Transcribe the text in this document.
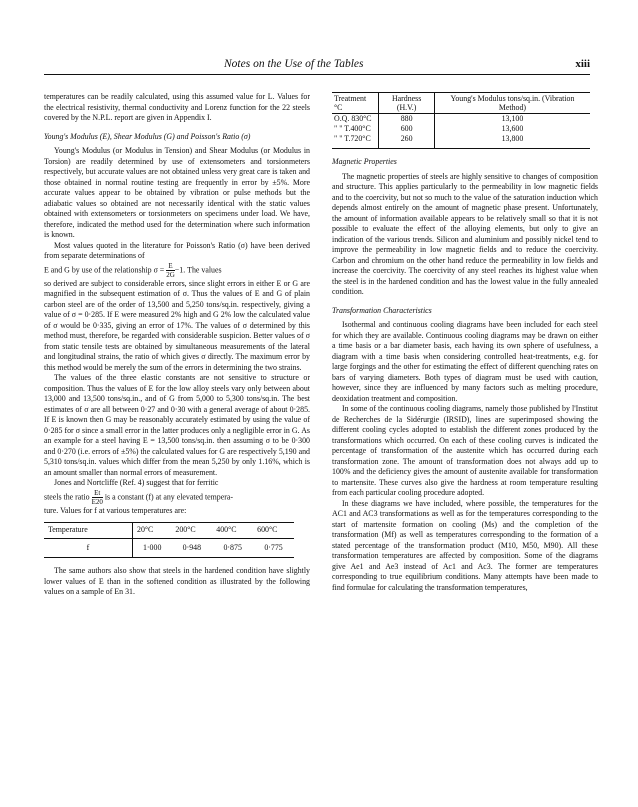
Notes on the Use of the Tables	xiii

temperatures can be readily calculated, using this assumed value for L. Values for the electrical resistivity, thermal conductivity and Lorenz function for the 22 steels covered by the N.P.L. report are given in Appendix I.

Young's Modulus (E), Shear Modulus (G) and Poisson's Ratio (σ)

Young's Modulus (or Modulus in Tension) and Shear Modulus (or Modulus in Torsion) are readily determined by use of extensometers and torsionmeters respectively, but accurate values are not obtained unless very great care is taken and those obtained in normal routine testing are frequently in error by ±5%. More accurate values appear to be obtained by vibration or pulse methods but the adiabatic values so obtained are not necessarily identical with the static values obtained with extensometers or torsionmeters on specimens under load. We have, therefore, indicated the method used for the determination where such information is known.

Most values quoted in the literature for Poisson's Ratio (σ) have been derived from separate determinations of

E and G by use of the relationship $\sigma = \frac{E}{2G} -1$. The values

so derived are subject to considerable errors, since slight errors in either E or G are magnified in the subsequent estimation of σ. Thus the values of E and G of plain carbon steel are of the order of 13,500 and 5,250 tons/sq.in. respectively, giving a value of σ = 0·285. If E were measured 2% high and G 2% low the calculated value of σ would be 0·335, giving an error of 17%. The values of σ determined by this method must, therefore, be regarded with considerable suspicion. Better values of σ from static tensile tests are obtained by simultaneous measurements of the lateral and longitudinal strains, the ratio of which gives σ directly. The maximum error by this method would be merely the sum of the errors in determining the two strains.

The values of the three elastic constants are not sensitive to structure or composition. Thus the values of E for the low alloy steels vary only between about 13,000 and 13,500 tons/sq.in., and of G from 5,000 to 5,300 tons/sq.in. The best estimates of σ are all between 0·27 and 0·30 with a general average of about 0·285. If E is known then G may be reasonably accurately estimated by using the value of 0·285 for σ since a small error in the latter produces only a negligible error in G. As an example for a steel having E = 13,500 tons/sq.in. then assuming σ to be 0·300 and 0·270 (i.e. errors of ±5%) the calculated values for G are respectively 5,190 and 5,310 tons/sq.in. values which differ from the mean 5,250 by only 1.16%, which is an amount smaller than normal errors of measurement.

Jones and Nortcliffe (Ref. 4) suggest that for ferritic

steels the ratio $\frac{Et}{E20}$ is a constant (f) at any elevated tempera-

ture. Values for f at various temperatures are:

Temperature	20°C	200°C	400°C	600°C
f	1·000	0·948	0·875	0·775

The same authors also show that steels in the hardened condition have slightly lower values of E than in the softened condition as illustrated by the following values on a sample of En 31.

Treatment °C	Hardness (H.V.)	Young's Modulus tons/sq.in. (Vibration Method)
O.Q. 830°C	880	13,100
" " T.400°C	600	13,600
" " T.720°C	260	13,800

Magnetic Properties

The magnetic properties of steels are highly sensitive to changes of composition and structure. This applies particularly to the permeability in low magnetic fields and to the coercivity, but not so much to the value of the saturation induction which depends almost entirely on the amount of magnetic phase present. Unfortunately, the amount of information available appears to be relatively small so that it is not possible to evaluate the effect of the alloying elements, but only to give an indication of the various trends. Silicon and aluminium and possibly nickel tend to improve the permeability in low magnetic fields and to reduce the coercivity. Carbon and chromium on the other hand reduce the permeability in low fields and increase the coercivity. The coercivity of any steel reaches its highest value when the steel is in the hardened condition and has the lowest value in the fully annealed condition.

Transformation Characteristics

Isothermal and continuous cooling diagrams have been included for each steel for which they are available. Continuous cooling diagrams may be drawn on either a time basis or a bar diameter basis, each having its own sphere of usefulness, a diagram with a time basis when considering controlled heat-treatments, e.g. for large forgings and the other for estimating the effect of different quenching rates on bars of varying diameters. Both types of diagram must be used with caution, however, since they are influenced by many factors such as melting procedure, deoxidation treatment and composition.

In some of the continuous cooling diagrams, namely those published by l'Institut de Recherches de la Sidérurgie (IRSID), lines are superimposed showing the different cooling cycles adopted to establish the different zones produced by the transformations which occurred. On each of these cooling curves is indicated the percentage of transformation of the austenite which has occurred during each transformation zone. The amount of transformation does not always add up to 100% and the deficiency gives the amount of austenite available for transformation to martensite. These curves also give the hardness at room temperature resulting from each particular cooling procedure adopted.

In these diagrams we have included, where possible, the temperatures for the AC1 and AC3 transformations as well as for the temperatures corresponding to the start of martensite formation on cooling (Ms) and the completion of the transformation (Mf) as well as temperatures corresponding to the formation of a stated percentage of the transformation product (M10, M50, M90). All these transformation temperatures are affected by composition. Some of the diagrams give Ae1 and Ae3 instead of Ac1 and Ac3. The former are temperatures corresponding to true equilibrium conditions. Many attempts have been made to find formulae for calculating the transformation temperatures,
